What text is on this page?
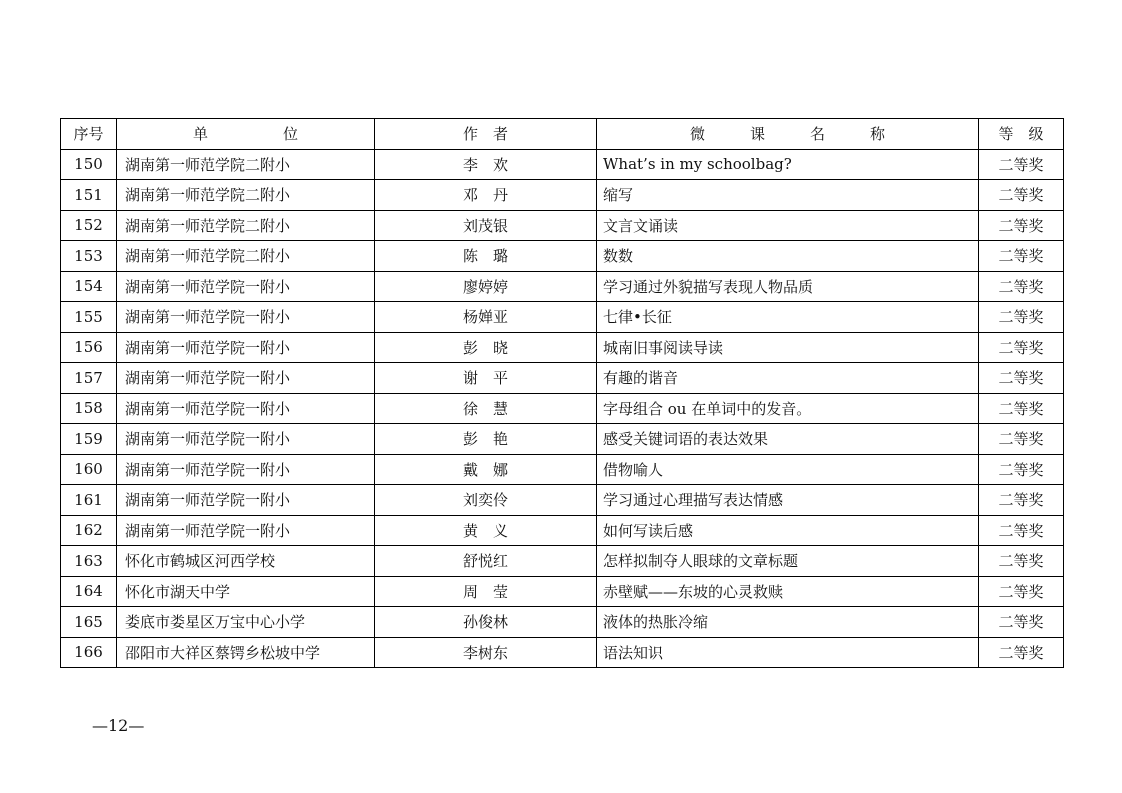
序号	单　　　　　位	作　者	微　　　课　　　名　　　称	等　级
150	湖南第一师范学院二附小	李　欢	What’s in my schoolbag?	二等奖
151	湖南第一师范学院二附小	邓　丹	缩写	二等奖
152	湖南第一师范学院二附小	刘茂银	文言文诵读	二等奖
153	湖南第一师范学院二附小	陈　璐	数数	二等奖
154	湖南第一师范学院一附小	廖婷婷	学习通过外貌描写表现人物品质	二等奖
155	湖南第一师范学院一附小	杨婵亚	七律•长征	二等奖
156	湖南第一师范学院一附小	彭　晓	城南旧事阅读导读	二等奖
157	湖南第一师范学院一附小	谢　平	有趣的谐音	二等奖
158	湖南第一师范学院一附小	徐　慧	字母组合 ou 在单词中的发音。	二等奖
159	湖南第一师范学院一附小	彭　艳	感受关键词语的表达效果	二等奖
160	湖南第一师范学院一附小	戴　娜	借物喻人	二等奖
161	湖南第一师范学院一附小	刘奕伶	学习通过心理描写表达情感	二等奖
162	湖南第一师范学院一附小	黄　义	如何写读后感	二等奖
163	怀化市鹤城区河西学校	舒悦红	怎样拟制夺人眼球的文章标题	二等奖
164	怀化市湖天中学	周　莹	赤壁赋——东坡的心灵救赎	二等奖
165	娄底市娄星区万宝中心小学	孙俊林	液体的热胀冷缩	二等奖
166	邵阳市大祥区蔡锷乡松坡中学	李树东	语法知识	二等奖
—12—
